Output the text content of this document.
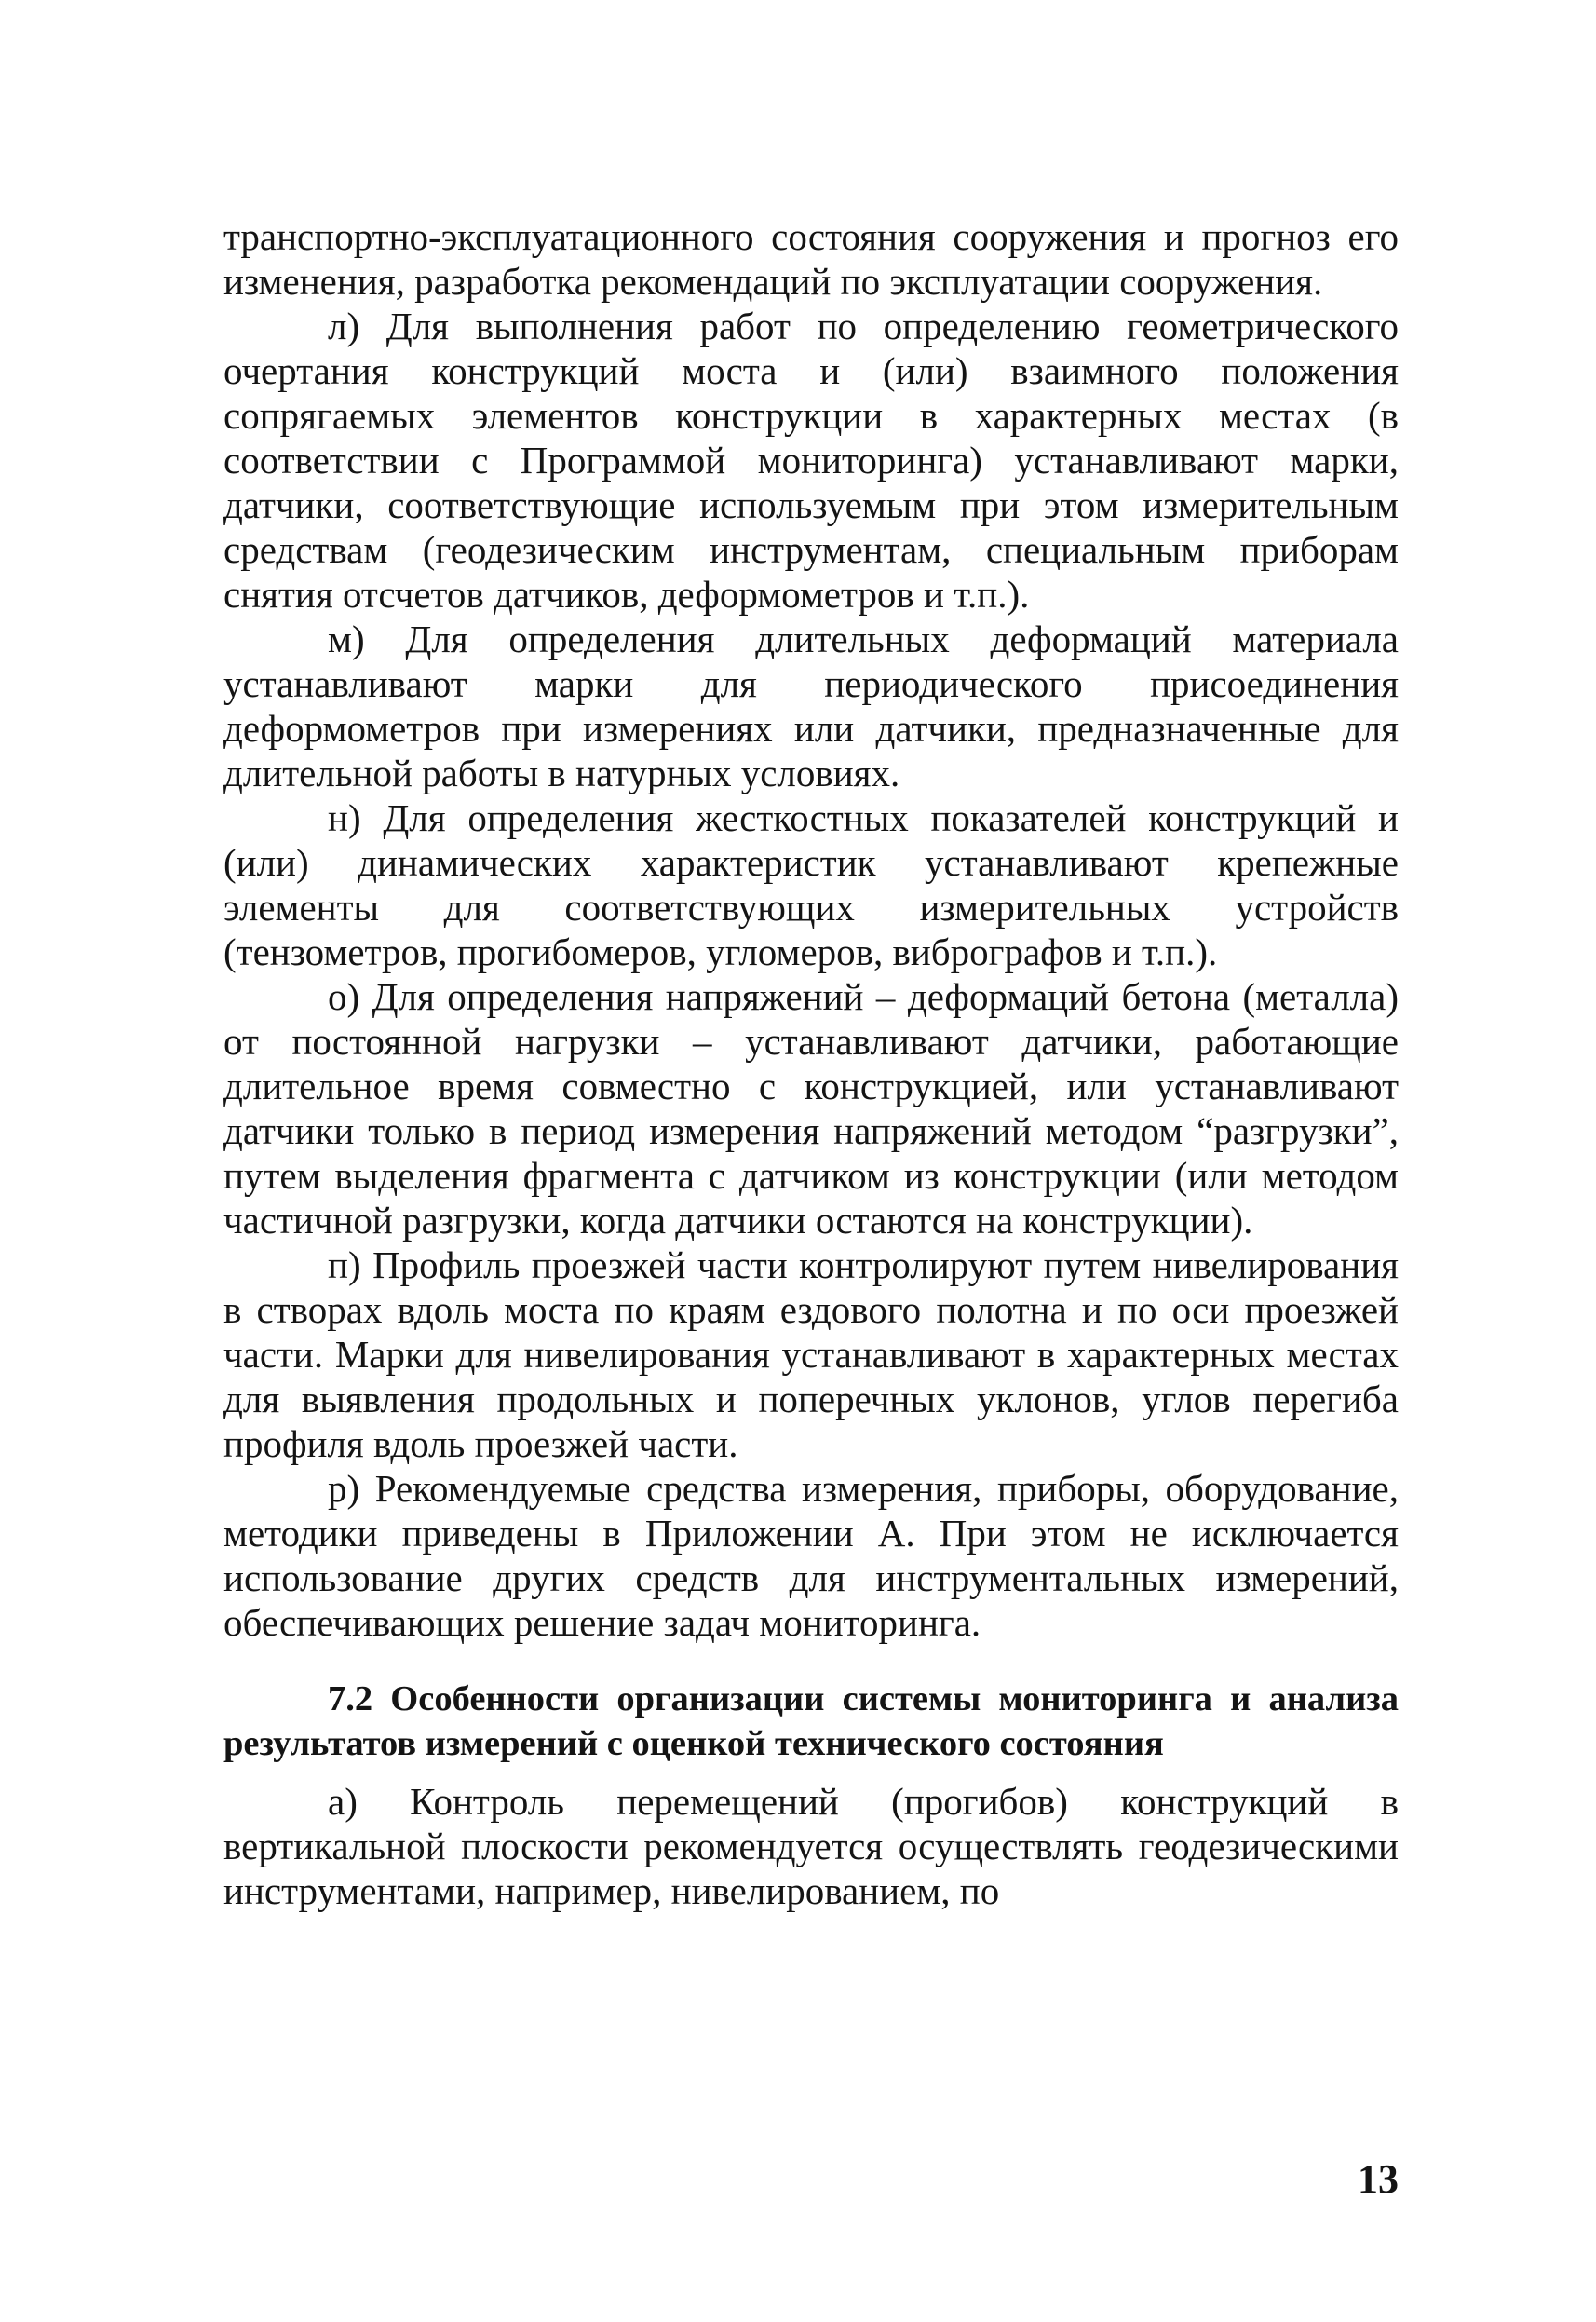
транспортно-эксплуатационного состояния сооружения и прогноз его изменения, разработка рекомендаций по эксплуатации сооружения.

л) Для выполнения работ по определению геометрического очертания конструкций моста и (или) взаимного положения сопрягаемых элементов конструкции в характерных местах (в соответствии с Программой мониторинга) устанавливают марки, датчики, соответствующие используемым при этом измерительным средствам (геодезическим инструментам, специальным приборам снятия отсчетов датчиков, деформометров и т.п.).

м) Для определения длительных деформаций материала устанавливают марки для периодического присоединения деформометров при измерениях или датчики, предназначенные для длительной работы в натурных условиях.

н) Для определения жесткостных показателей конструкций и (или) динамических характеристик устанавливают крепежные элементы для соответствующих измерительных устройств (тензометров, прогибомеров, угломеров, вибрографов и т.п.).

о) Для определения напряжений – деформаций бетона (металла) от постоянной нагрузки – устанавливают датчики, работающие длительное время совместно с конструкцией, или устанавливают датчики только в период измерения напряжений методом “разгрузки”, путем выделения фрагмента с датчиком из конструкции (или методом частичной разгрузки, когда датчики остаются на конструкции).

п) Профиль проезжей части контролируют путем нивелирования в створах вдоль моста по краям ездового полотна и по оси проезжей части. Марки для нивелирования устанавливают в характерных местах для выявления продольных и поперечных уклонов, углов перегиба профиля вдоль проезжей части.

р) Рекомендуемые средства измерения, приборы, оборудование, методики приведены в Приложении А. При этом не исключается использование других средств для инструментальных измерений, обеспечивающих решение задач мониторинга.

7.2 Особенности организации системы мониторинга и анализа результатов измерений с оценкой технического состояния

а) Контроль перемещений (прогибов) конструкций в вертикальной плоскости рекомендуется осуществлять геодезическими инструментами, например, нивелированием, по

13
